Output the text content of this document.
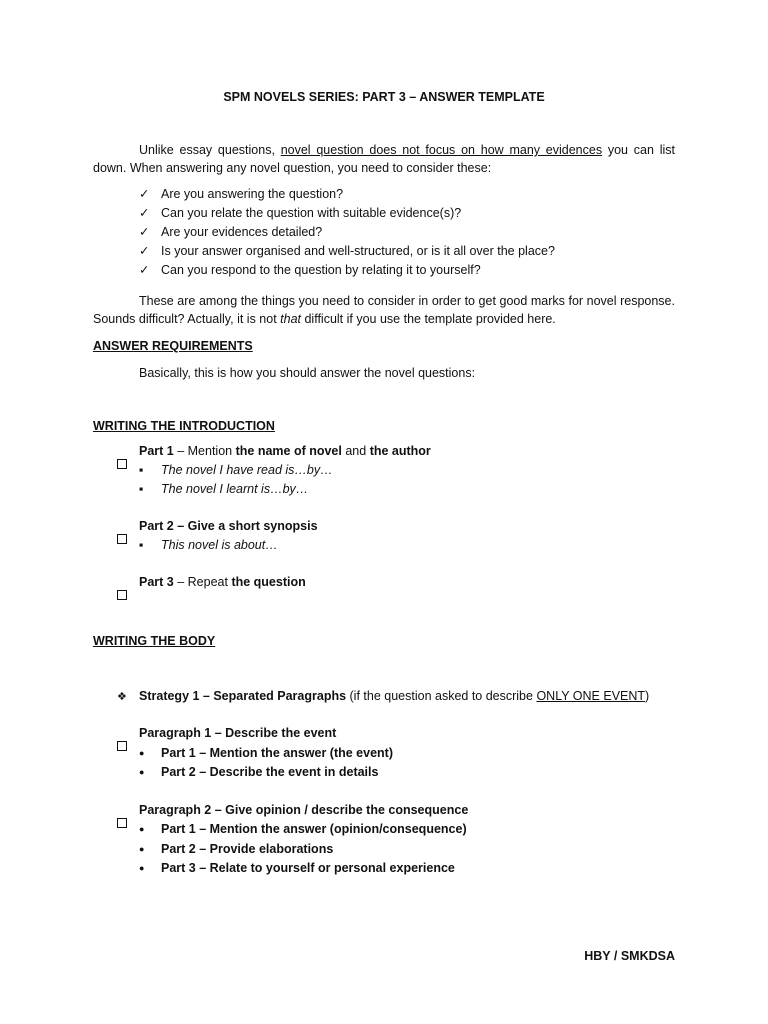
SPM NOVELS SERIES: PART 3 – ANSWER TEMPLATE
Unlike essay questions, novel question does not focus on how many evidences you can list down. When answering any novel question, you need to consider these:
✓Are you answering the question?
✓Can you relate the question with suitable evidence(s)?
✓Are your evidences detailed?
✓Is your answer organised and well-structured, or is it all over the place?
✓Can you respond to the question by relating it to yourself?
These are among the things you need to consider in order to get good marks for novel response. Sounds difficult? Actually, it is not that difficult if you use the template provided here.
ANSWER REQUIREMENTS
Basically, this is how you should answer the novel questions:
WRITING THE INTRODUCTION
Part 1 – Mention the name of novel and the author
▪The novel I have read is…by…
▪The novel I learnt is…by…
Part 2 – Give a short synopsis
▪This novel is about…
Part 3 – Repeat the question
WRITING THE BODY
❖Strategy 1 – Separated Paragraphs (if the question asked to describe ONLY ONE EVENT)
Paragraph 1 – Describe the event
●Part 1 – Mention the answer (the event)
●Part 2 – Describe the event in details
Paragraph 2 – Give opinion / describe the consequence
●Part 1 – Mention the answer (opinion/consequence)
●Part 2 – Provide elaborations
●Part 3 – Relate to yourself or personal experience
HBY / SMKDSA
